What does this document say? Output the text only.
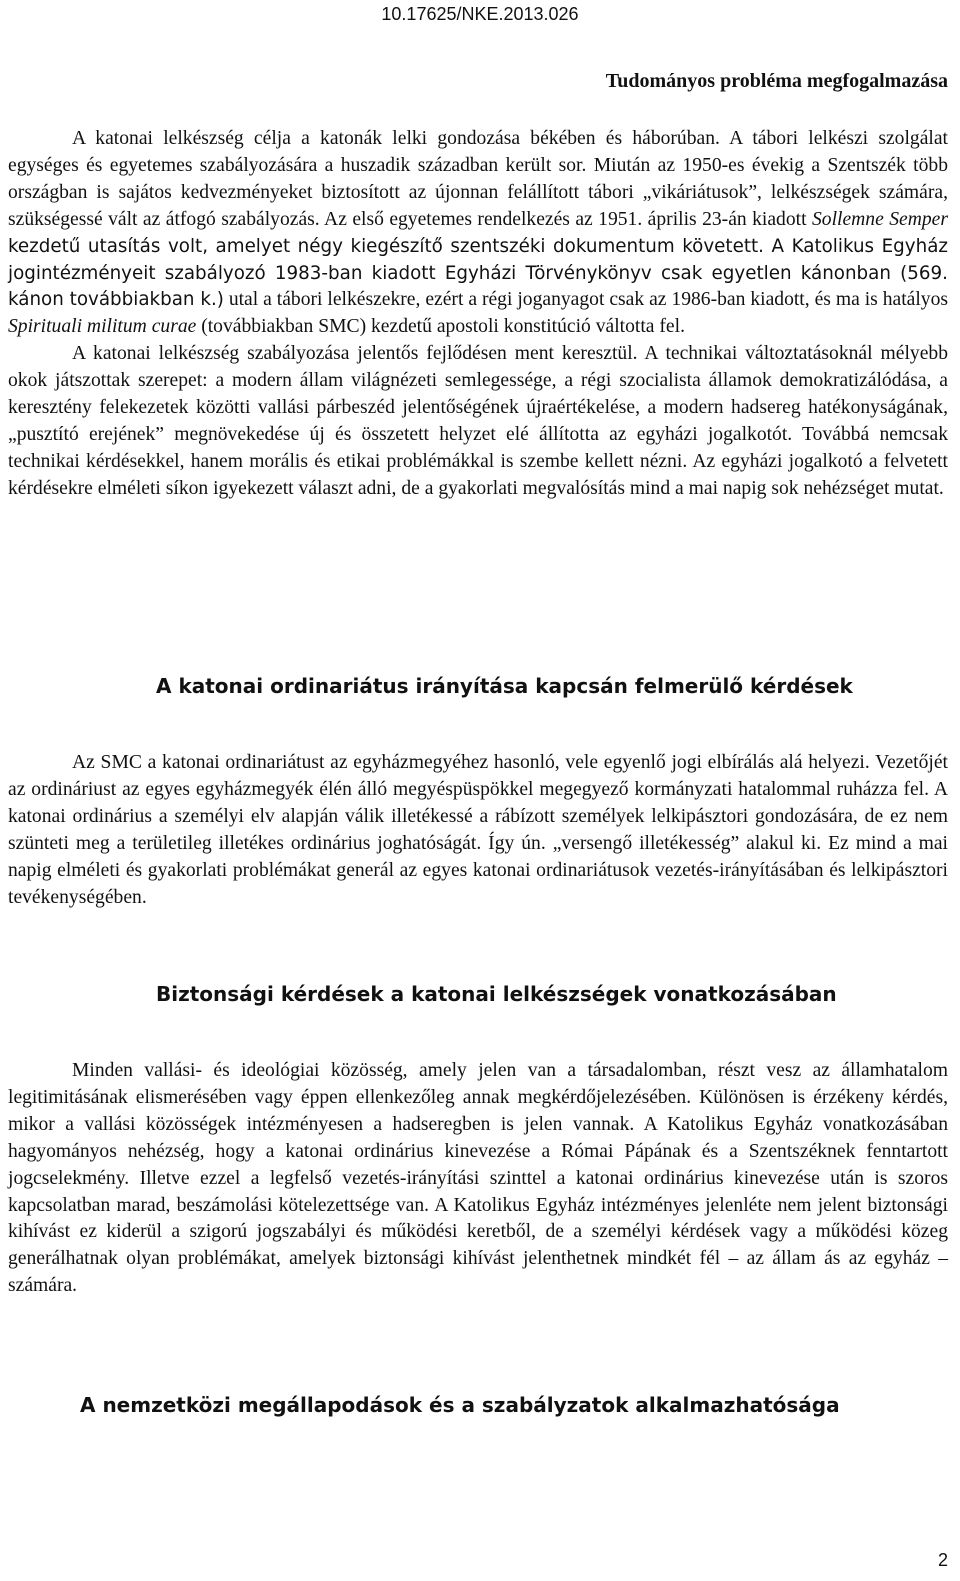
10.17625/NKE.2013.026
Tudományos probléma megfogalmazása

A katonai lelkészség célja a katonák lelki gondozása békében és háborúban. A tábori lelkészi szolgálat egységes és egyetemes szabályozására a huszadik században került sor. Miután az 1950-es évekig a Szentszék több országban is sajátos kedvezményeket biztosított az újonnan felállított tábori „vikáriátusok”, lelkészségek számára, szükségessé vált az átfogó szabályozás. Az első egyetemes rendelkezés az 1951. április 23-án kiadott Sollemne Semper kezdetű utasítás volt, amelyet négy kiegészítő szentszéki dokumentum követett. A Katolikus Egyház jogintézményeit szabályozó 1983-ban kiadott Egyházi Törvénykönyv csak egyetlen kánonban (569. kánon továbbiakban k.) utal a tábori lelkészekre, ezért a régi joganyagot csak az 1986-ban kiadott, és ma is hatályos Spirituali militum curae (továbbiakban SMC) kezdetű apostoli konstitúció váltotta fel.

A katonai lelkészség szabályozása jelentős fejlődésen ment keresztül. A technikai változtatásoknál mélyebb okok játszottak szerepet: a modern állam világnézeti semlegessége, a régi szocialista államok demokratizálódása, a keresztény felekezetek közötti vallási párbeszéd jelentőségének újraértékelése, a modern hadsereg hatékonyságának, „pusztító erejének” megnövekedése új és összetett helyzet elé állította az egyházi jogalkotót. Továbbá nemcsak technikai kérdésekkel, hanem morális és etikai problémákkal is szembe kellett nézni. Az egyházi jogalkotó a felvetett kérdésekre elméleti síkon igyekezett választ adni, de a gyakorlati megvalósítás mind a mai napig sok nehézséget mutat.

A katonai ordinariátus irányítása kapcsán felmerülő kérdések

Az SMC a katonai ordinariátust az egyházmegyéhez hasonló, vele egyenlő jogi elbírálás alá helyezi. Vezetőjét az ordináriust az egyes egyházmegyék élén álló megyéspüspökkel megegyező kormányzati hatalommal ruházza fel. A katonai ordinárius a személyi elv alapján válik illetékessé a rábízott személyek lelkipásztori gondozására, de ez nem szünteti meg a területileg illetékes ordinárius joghatóságát. Így ún. „versengő illetékesség” alakul ki. Ez mind a mai napig elméleti és gyakorlati problémákat generál az egyes katonai ordinariátusok vezetés-irányításában és lelkipásztori tevékenységében.

Biztonsági kérdések a katonai lelkészségek vonatkozásában

Minden vallási- és ideológiai közösség, amely jelen van a társadalomban, részt vesz az államhatalom legitimitásának elismerésében vagy éppen ellenkezőleg annak megkérdőjelezésében. Különösen is érzékeny kérdés, mikor a vallási közösségek intézményesen a hadseregben is jelen vannak. A Katolikus Egyház vonatkozásában hagyományos nehézség, hogy a katonai ordinárius kinevezése a Római Pápának és a Szentszéknek fenntartott jogcselekmény. Illetve ezzel a legfelső vezetés-irányítási szinttel a katonai ordinárius kinevezése után is szoros kapcsolatban marad, beszámolási kötelezettsége van. A Katolikus Egyház intézményes jelenléte nem jelent biztonsági kihívást ez kiderül a szigorú jogszabályi és működési keretből, de a személyi kérdések vagy a működési közeg generálhatnak olyan problémákat, amelyek biztonsági kihívást jelenthetnek mindkét fél – az állam ás az egyház – számára.

A nemzetközi megállapodások és a szabályzatok alkalmazhatósága
2
